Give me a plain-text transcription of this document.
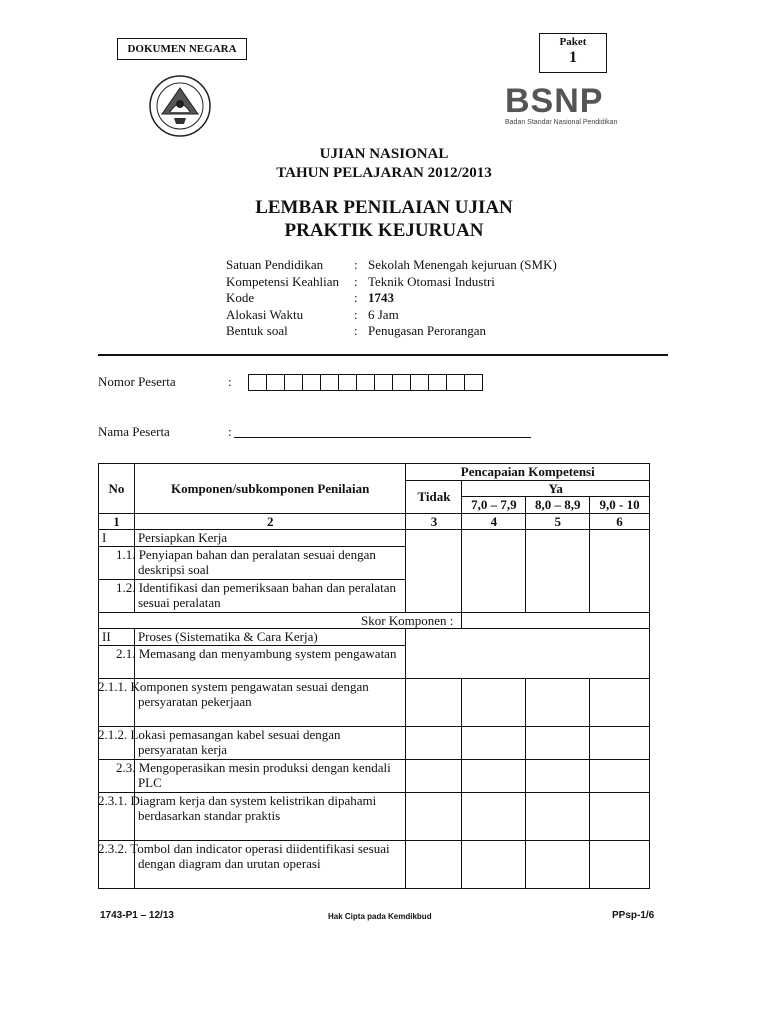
DOKUMEN NEGARA
Paket
1
BSNP
Badan Standar Nasional Pendidikan
UJIAN NASIONAL
TAHUN PELAJARAN 2012/2013
LEMBAR PENILAIAN UJIAN
PRAKTIK KEJURUAN
Satuan Pendidikan	: Sekolah Menengah kejuruan (SMK)
Kompetensi Keahlian	: Teknik Otomasi Industri
Kode	: 1743
Alokasi Waktu	: 6 Jam
Bentuk soal	: Penugasan Perorangan
Nomor Peserta	:
Nama Peserta	:
No	Komponen/subkomponen Penilaian	Pencapaian Kompetensi			
		Tidak	Ya		
			7,0 – 7,9	8,0 – 8,9	9,0 - 10
1	2	3	4	5	6
I	Persiapkan Kerja				
	1.1. Penyiapan bahan dan peralatan sesuai dengan deskripsi soal				
	1.2. Identifikasi dan pemeriksaan bahan dan peralatan sesuai peralatan				
Skor Komponen :					
II	Proses (Sistematika & Cara Kerja)				
	2.1. Memasang dan menyambung system pengawatan				
	2.1.1. Komponen system pengawatan sesuai dengan persyaratan pekerjaan				
	2.1.2. Lokasi pemasangan kabel sesuai dengan persyaratan kerja				
	2.3. Mengoperasikan mesin produksi dengan kendali PLC				
	2.3.1. Diagram kerja dan system kelistrikan dipahami berdasarkan standar praktis				
	2.3.2. Tombol dan indicator operasi diidentifikasi sesuai dengan diagram dan urutan operasi				
1743-P1 – 12/13	Hak Cipta pada Kemdikbud	PPsp-1/6
